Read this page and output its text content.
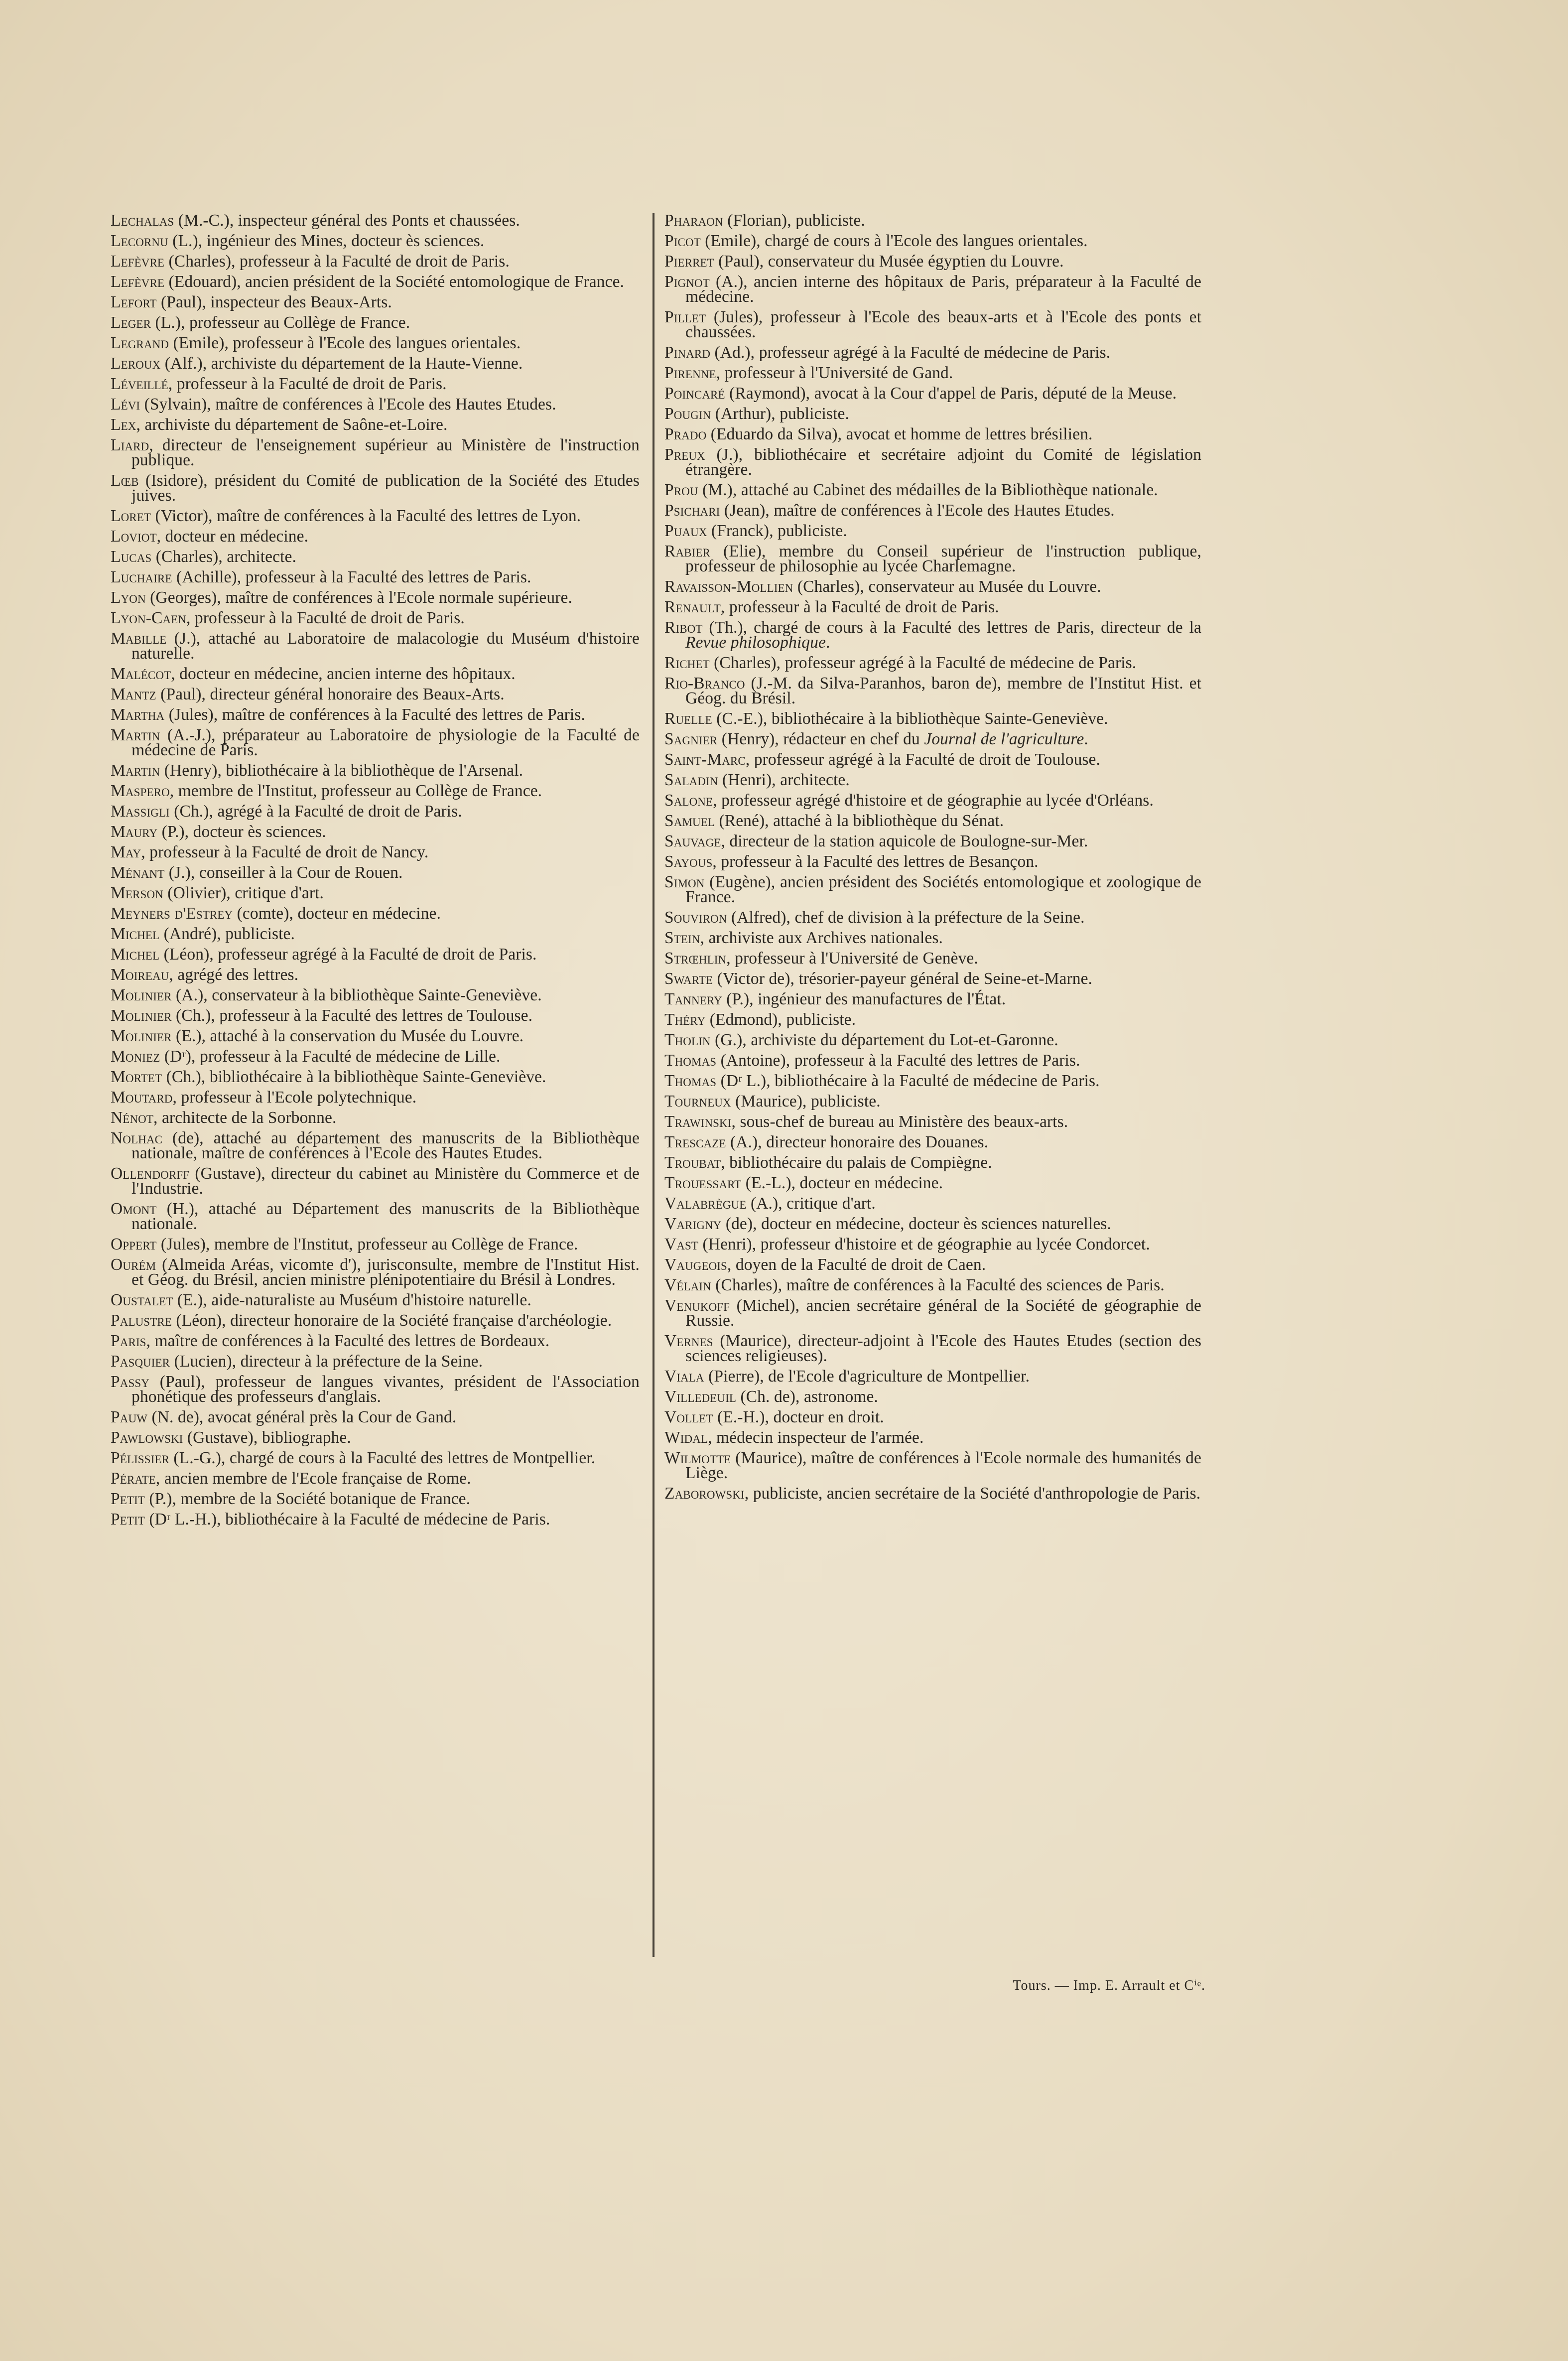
Lechalas (M.-C.), inspecteur général des Ponts et chaussées.

Lecornu (L.), ingénieur des Mines, docteur ès sciences.

Lefèvre (Charles), professeur à la Faculté de droit de Paris.

Lefèvre (Edouard), ancien président de la Société entomologique de France.

Lefort (Paul), inspecteur des Beaux-Arts.

Leger (L.), professeur au Collège de France.

Legrand (Emile), professeur à l'Ecole des langues orientales.

Leroux (Alf.), archiviste du département de la Haute-Vienne.

Léveillé, professeur à la Faculté de droit de Paris.

Lévi (Sylvain), maître de conférences à l'Ecole des Hautes Etudes.

Lex, archiviste du département de Saône-et-Loire.

Liard, directeur de l'enseignement supérieur au Ministère de l'instruction publique.

Lœb (Isidore), président du Comité de publication de la Société des Etudes juives.

Loret (Victor), maître de conférences à la Faculté des lettres de Lyon.

Loviot, docteur en médecine.

Lucas (Charles), architecte.

Luchaire (Achille), professeur à la Faculté des lettres de Paris.

Lyon (Georges), maître de conférences à l'Ecole normale supérieure.

Lyon-Caen, professeur à la Faculté de droit de Paris.

Mabille (J.), attaché au Laboratoire de malacologie du Muséum d'histoire naturelle.

Malécot, docteur en médecine, ancien interne des hôpitaux.

Mantz (Paul), directeur général honoraire des Beaux-Arts.

Martha (Jules), maître de conférences à la Faculté des lettres de Paris.

Martin (A.-J.), préparateur au Laboratoire de physiologie de la Faculté de médecine de Paris.

Martin (Henry), bibliothécaire à la bibliothèque de l'Arsenal.

Maspero, membre de l'Institut, professeur au Collège de France.

Massigli (Ch.), agrégé à la Faculté de droit de Paris.

Maury (P.), docteur ès sciences.

May, professeur à la Faculté de droit de Nancy.

Ménant (J.), conseiller à la Cour de Rouen.

Merson (Olivier), critique d'art.

Meyners d'Estrey (comte), docteur en médecine.

Michel (André), publiciste.

Michel (Léon), professeur agrégé à la Faculté de droit de Paris.

Moireau, agrégé des lettres.

Molinier (A.), conservateur à la bibliothèque Sainte-Geneviève.

Molinier (Ch.), professeur à la Faculté des lettres de Toulouse.

Molinier (E.), attaché à la conservation du Musée du Louvre.

Moniez (Dʳ), professeur à la Faculté de médecine de Lille.

Mortet (Ch.), bibliothécaire à la bibliothèque Sainte-Geneviève.

Moutard, professeur à l'Ecole polytechnique.

Nénot, architecte de la Sorbonne.

Nolhac (de), attaché au département des manuscrits de la Bibliothèque nationale, maître de conférences à l'Ecole des Hautes Etudes.

Ollendorff (Gustave), directeur du cabinet au Ministère du Commerce et de l'Industrie.

Omont (H.), attaché au Département des manuscrits de la Bibliothèque nationale.

Oppert (Jules), membre de l'Institut, professeur au Collège de France.

Ourém (Almeida Aréas, vicomte d'), jurisconsulte, membre de l'Institut Hist. et Géog. du Brésil, ancien ministre plénipotentiaire du Brésil à Londres.

Oustalet (E.), aide-naturaliste au Muséum d'histoire naturelle.

Palustre (Léon), directeur honoraire de la Société française d'archéologie.

Paris, maître de conférences à la Faculté des lettres de Bordeaux.

Pasquier (Lucien), directeur à la préfecture de la Seine.

Passy (Paul), professeur de langues vivantes, président de l'Association phonétique des professeurs d'anglais.

Pauw (N. de), avocat général près la Cour de Gand.

Pawlowski (Gustave), bibliographe.

Pélissier (L.-G.), chargé de cours à la Faculté des lettres de Montpellier.

Pérate, ancien membre de l'Ecole française de Rome.

Petit (P.), membre de la Société botanique de France.

Petit (Dʳ L.-H.), bibliothécaire à la Faculté de médecine de Paris.

Pharaon (Florian), publiciste.

Picot (Emile), chargé de cours à l'Ecole des langues orientales.

Pierret (Paul), conservateur du Musée égyptien du Louvre.

Pignot (A.), ancien interne des hôpitaux de Paris, préparateur à la Faculté de médecine.

Pillet (Jules), professeur à l'Ecole des beaux-arts et à l'Ecole des ponts et chaussées.

Pinard (Ad.), professeur agrégé à la Faculté de médecine de Paris.

Pirenne, professeur à l'Université de Gand.

Poincaré (Raymond), avocat à la Cour d'appel de Paris, député de la Meuse.

Pougin (Arthur), publiciste.

Prado (Eduardo da Silva), avocat et homme de lettres brésilien.

Preux (J.), bibliothécaire et secrétaire adjoint du Comité de législation étrangère.

Prou (M.), attaché au Cabinet des médailles de la Bibliothèque nationale.

Psichari (Jean), maître de conférences à l'Ecole des Hautes Etudes.

Puaux (Franck), publiciste.

Rabier (Elie), membre du Conseil supérieur de l'instruction publique, professeur de philosophie au lycée Charlemagne.

Ravaisson-Mollien (Charles), conservateur au Musée du Louvre.

Renault, professeur à la Faculté de droit de Paris.

Ribot (Th.), chargé de cours à la Faculté des lettres de Paris, directeur de la Revue philosophique.

Richet (Charles), professeur agrégé à la Faculté de médecine de Paris.

Rio-Branco (J.-M. da Silva-Paranhos, baron de), membre de l'Institut Hist. et Géog. du Brésil.

Ruelle (C.-E.), bibliothécaire à la bibliothèque Sainte-Geneviève.

Sagnier (Henry), rédacteur en chef du Journal de l'agriculture.

Saint-Marc, professeur agrégé à la Faculté de droit de Toulouse.

Saladin (Henri), architecte.

Salone, professeur agrégé d'histoire et de géographie au lycée d'Orléans.

Samuel (René), attaché à la bibliothèque du Sénat.

Sauvage, directeur de la station aquicole de Boulogne-sur-Mer.

Sayous, professeur à la Faculté des lettres de Besançon.

Simon (Eugène), ancien président des Sociétés entomologique et zoologique de France.

Souviron (Alfred), chef de division à la préfecture de la Seine.

Stein, archiviste aux Archives nationales.

Strœhlin, professeur à l'Université de Genève.

Swarte (Victor de), trésorier-payeur général de Seine-et-Marne.

Tannery (P.), ingénieur des manufactures de l'État.

Théry (Edmond), publiciste.

Tholin (G.), archiviste du département du Lot-et-Garonne.

Thomas (Antoine), professeur à la Faculté des lettres de Paris.

Thomas (Dʳ L.), bibliothécaire à la Faculté de médecine de Paris.

Tourneux (Maurice), publiciste.

Trawinski, sous-chef de bureau au Ministère des beaux-arts.

Trescaze (A.), directeur honoraire des Douanes.

Troubat, bibliothécaire du palais de Compiègne.

Trouessart (E.-L.), docteur en médecine.

Valabrègue (A.), critique d'art.

Varigny (de), docteur en médecine, docteur ès sciences naturelles.

Vast (Henri), professeur d'histoire et de géographie au lycée Condorcet.

Vaugeois, doyen de la Faculté de droit de Caen.

Vélain (Charles), maître de conférences à la Faculté des sciences de Paris.

Venukoff (Michel), ancien secrétaire général de la Société de géographie de Russie.

Vernes (Maurice), directeur-adjoint à l'Ecole des Hautes Etudes (section des sciences religieuses).

Viala (Pierre), de l'Ecole d'agriculture de Montpellier.

Villedeuil (Ch. de), astronome.

Vollet (E.-H.), docteur en droit.

Widal, médecin inspecteur de l'armée.

Wilmotte (Maurice), maître de conférences à l'Ecole normale des humanités de Liège.

Zaborowski, publiciste, ancien secrétaire de la Société d'anthropologie de Paris.

Tours. — Imp. E. Arrault et Cⁱᵉ.
